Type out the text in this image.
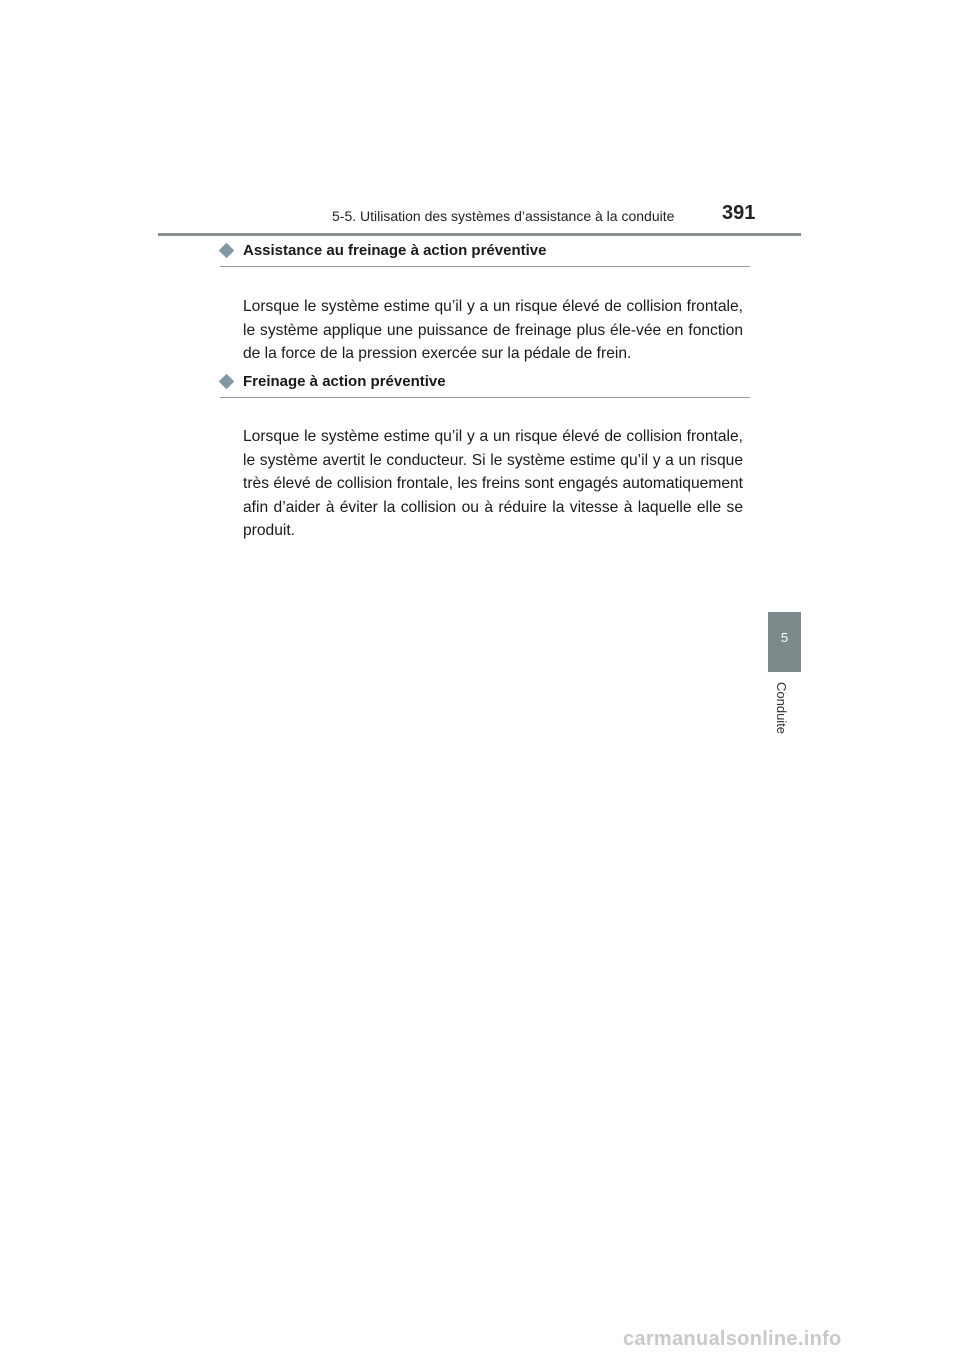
5-5. Utilisation des systèmes d’assistance à la conduite 391
Assistance au freinage à action préventive

Lorsque le système estime qu’il y a un risque élevé de collision frontale, le système applique une puissance de freinage plus éle-vée en fonction de la force de la pression exercée sur la pédale de frein.

Freinage à action préventive

Lorsque le système estime qu’il y a un risque élevé de collision frontale, le système avertit le conducteur. Si le système estime qu’il y a un risque très élevé de collision frontale, les freins sont engagés automatiquement afin d’aider à éviter la collision ou à réduire la vitesse à laquelle elle se produit.

5
Conduite
carmanualsonline.info
